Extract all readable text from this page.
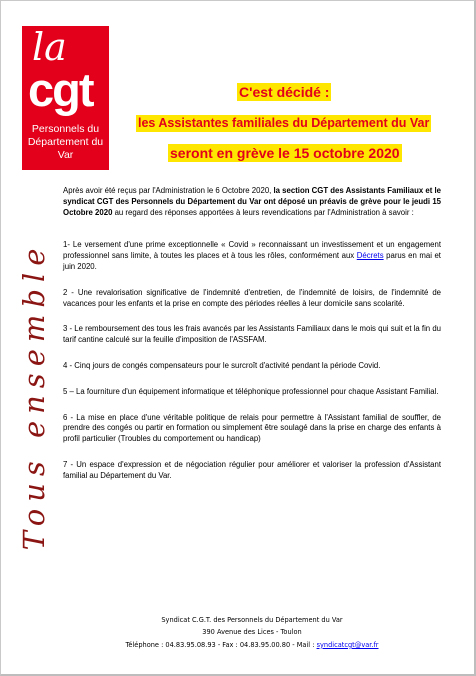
la
cgt
Personnels du
Département du
Var
C'est décidé :
les Assistantes familiales du Département du Var
seront en grève le 15 octobre 2020
Tous ensemble

Après avoir été reçus par l'Administration le 6 Octobre 2020, la section CGT des Assistants Familiaux et le syndicat CGT des Personnels du Département du Var ont déposé un préavis de grève pour le jeudi 15 Octobre 2020 au regard des réponses apportées à leurs revendications par l'Administration à savoir :

1- Le versement d'une prime exceptionnelle « Covid » reconnaissant un investissement et un engagement professionnel sans limite, à toutes les places et à tous les rôles, conformément aux Décrets parus en mai et juin 2020.

2 - Une revalorisation significative de l'indemnité d'entretien, de l'indemnité de loisirs, de l'indemnité de vacances pour les enfants et la prise en compte des périodes réelles à leur domicile sans scolarité.

3 - Le remboursement des tous les frais avancés par les Assistants Familiaux dans le mois qui suit et la fin du tarif cantine calculé sur la feuille d'imposition de l'ASSFAM.

4 - Cinq jours de congés compensateurs pour le surcroît d'activité pendant la période Covid.

5 – La fourniture d'un équipement informatique et téléphonique professionnel pour chaque Assistant Familial.

6 - La mise en place d'une véritable politique de relais pour permettre à l'Assistant familial de souffler, de prendre des congés ou partir en formation ou simplement être soulagé dans la prise en charge des enfants à profil particulier (Troubles du comportement ou handicap)

7 - Un espace d'expression et de négociation régulier pour améliorer et valoriser la profession d'Assistant familial au Département du Var.

Syndicat C.G.T. des Personnels du Département du Var
390 Avenue des Lices - Toulon
Téléphone : 04.83.95.08.93 - Fax : 04.83.95.00.80 - Mail : syndicatcgt@var.fr
